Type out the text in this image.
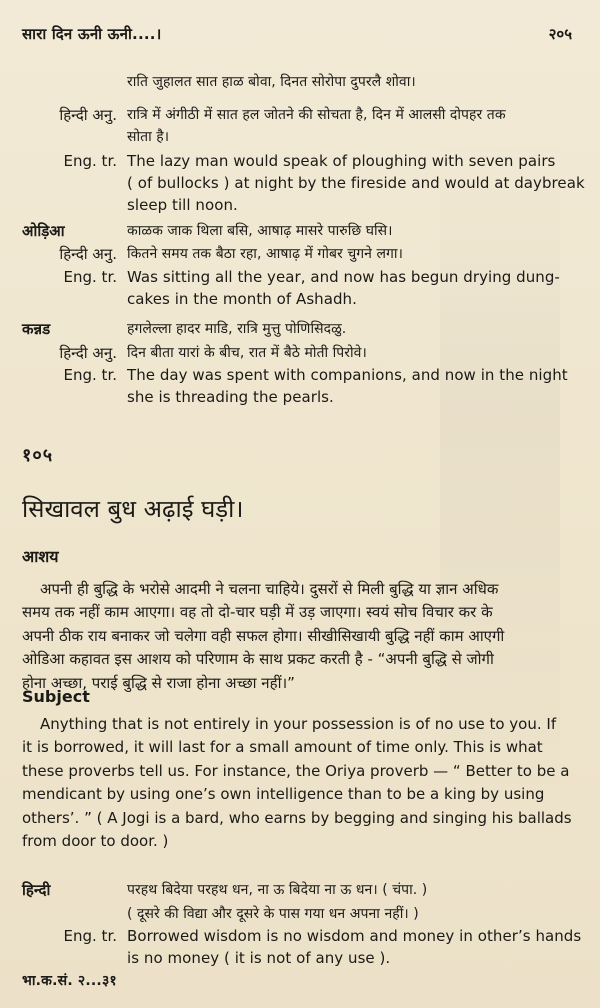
सारा दिन ऊनी ऊनी....।	२०५
राति जुहालत सात हाळ बोवा, दिनत सोरोपा दुपरलै शोवा।
हिन्दी अनु. रात्रि में अंगीठी में सात हल जोतने की सोचता है, दिन में आलसी दोपहर तक
सोता है।
Eng. tr. The lazy man would speak of ploughing with seven pairs
( of bullocks ) at night by the fireside and would at daybreak
sleep till noon.
ओड़िआ	काळक जाक थिला बसि, आषाढ़ मासरे पारुछि घसि।
हिन्दी अनु. कितने समय तक बैठा रहा, आषाढ़ में गोबर चुगने लगा।
Eng. tr. Was sitting all the year, and now has begun drying dung-
cakes in the month of Ashadh.
कन्नड	हगलेल्ला हादर माडि, रात्रि मुत्तु पोणिसिदळु.
हिन्दी अनु. दिन बीता यारां के बीच, रात में बैठे मोती पिरोवे।
Eng. tr. The day was spent with companions, and now in the night
she is threading the pearls.
१०५
सिखावल बुध अढ़ाई घड़ी।
आशय
अपनी ही बुद्धि के भरोसे आदमी ने चलना चाहिये। दुसरों से मिली बुद्धि या ज्ञान अधिक
समय तक नहीं काम आएगा। वह तो दो-चार घड़ी में उड़ जाएगा। स्वयं सोच विचार कर के
अपनी ठीक राय बनाकर जो चलेगा वही सफल होगा। सीखीसिखायी बुद्धि नहीं काम आएगी
ओडिआ कहावत इस आशय को परिणाम के साथ प्रकट करती है - “अपनी बुद्धि से जोगी
होना अच्छा, पराई बुद्धि से राजा होना अच्छा नहीं।”
Subject
Anything that is not entirely in your possession is of no use to you. If
it is borrowed, it will last for a small amount of time only. This is what
these proverbs tell us. For instance, the Oriya proverb — “ Better to be a
mendicant by using one’s own intelligence than to be a king by using
others’. ” ( A Jogi is a bard, who earns by begging and singing his ballads
from door to door. )
हिन्दी	परहथ बिदेया परहथ धन, ना ऊ बिदेया ना ऊ धन। ( चंपा. )
( दूसरे की विद्या और दूसरे के पास गया धन अपना नहीं। )
Eng. tr. Borrowed wisdom is no wisdom and money in other’s hands
is no money ( it is not of any use ).
भा.क.सं. २...३१
